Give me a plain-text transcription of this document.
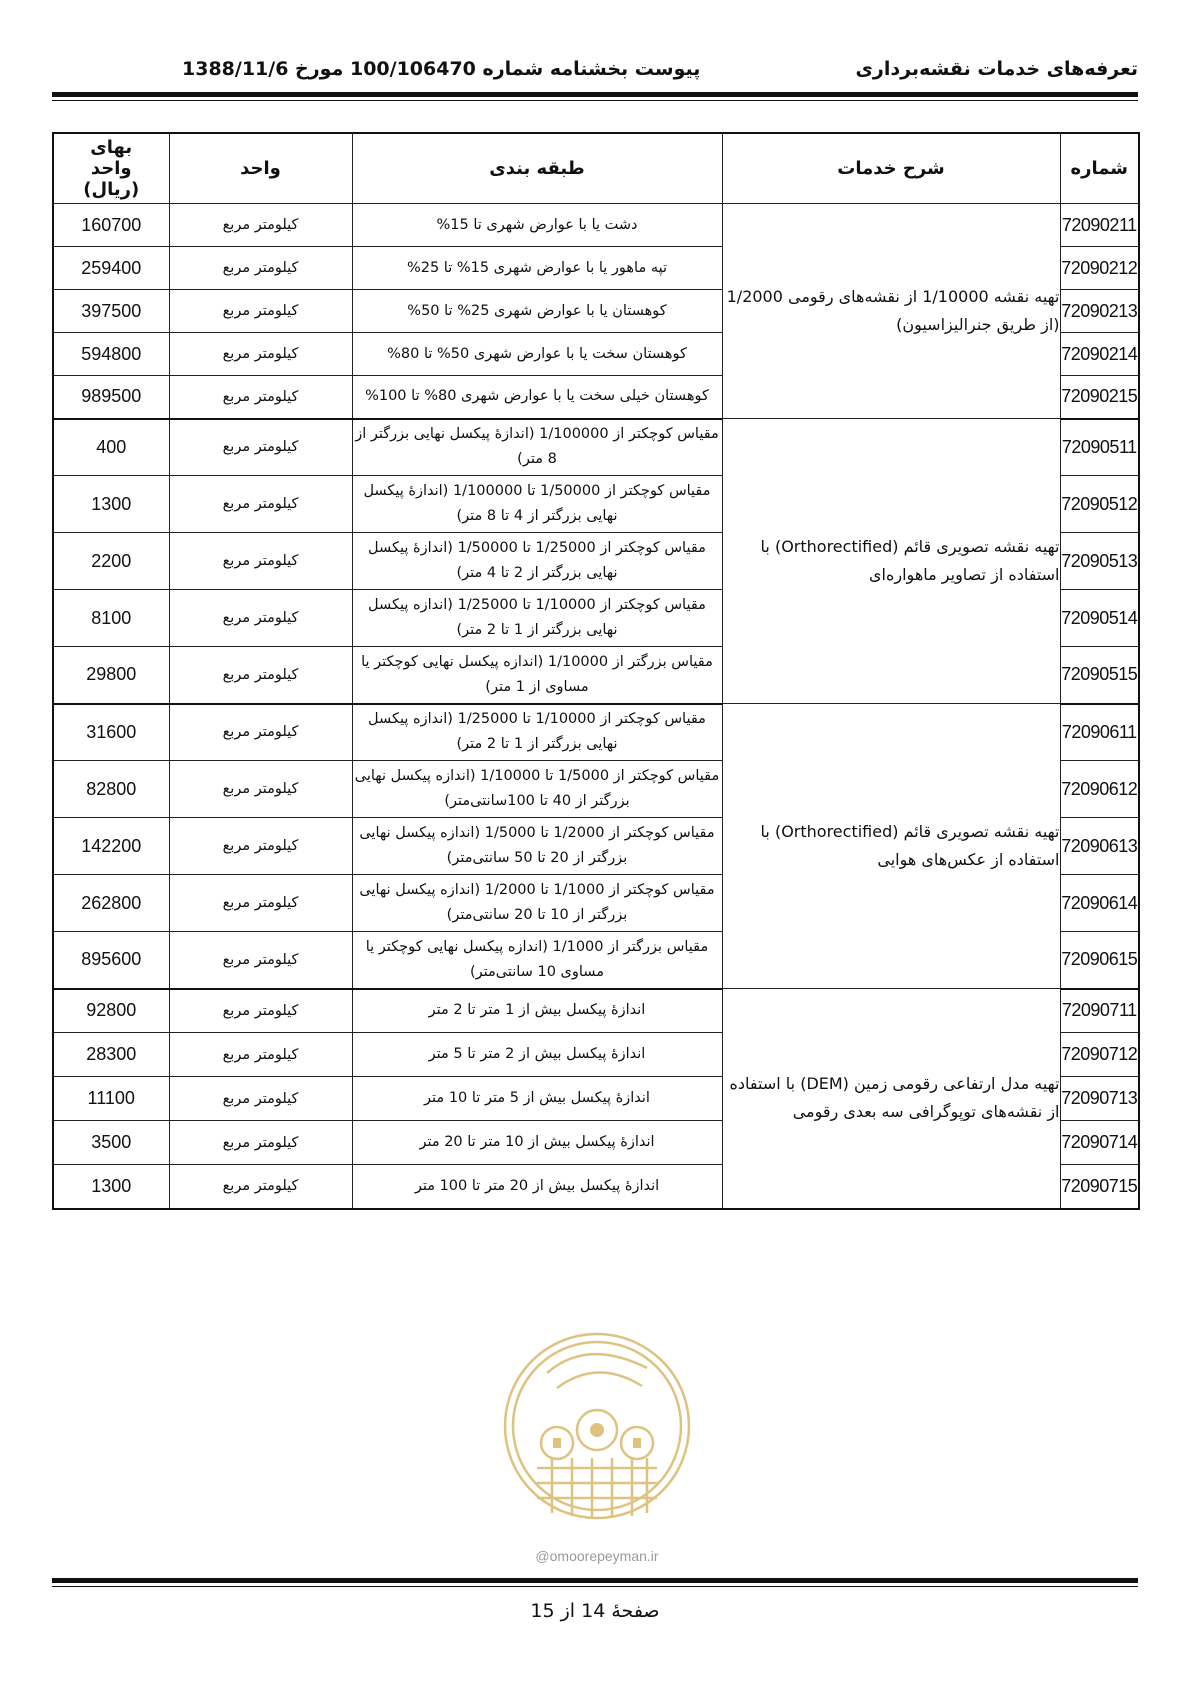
تعرفه‌های خدمات نقشه‌برداری
پیوست بخشنامه شماره 100/106470 مورخ 1388/11/6
شماره	شرح خدمات	طبقه بندی	واحد	بهای واحد (ریال)
72090211	تهیه نقشه 1/10000 از نقشه‌های رقومی 1/2000 (از طریق جنرالیزاسیون)	دشت یا با عوارض شهری تا 15%	کیلومتر مربع	160700
72090212		تپه ماهور یا با عوارض شهری 15% تا 25%	کیلومتر مربع	259400
72090213		کوهستان یا با عوارض شهری 25% تا 50%	کیلومتر مربع	397500
72090214		کوهستان سخت یا با عوارض شهری 50% تا 80%	کیلومتر مربع	594800
72090215		کوهستان خیلی سخت یا با عوارض شهری 80% تا 100%	کیلومتر مربع	989500
72090511	تهیه نقشه تصویری قائم (Orthorectified) با استفاده از تصاویر ماهواره‌ای	مقیاس کوچکتر از 1/100000 (اندازهٔ پیکسل نهایی بزرگتر از 8 متر)	کیلومتر مربع	400
72090512		مقیاس کوچکتر از 1/50000 تا 1/100000 (اندازهٔ پیکسل نهایی بزرگتر از 4 تا 8 متر)	کیلومتر مربع	1300
72090513		مقیاس کوچکتر از 1/25000 تا 1/50000 (اندازهٔ پیکسل نهایی بزرگتر از 2 تا 4 متر)	کیلومتر مربع	2200
72090514		مقیاس کوچکتر از 1/10000 تا 1/25000 (اندازه پیکسل نهایی بزرگتر از 1 تا 2 متر)	کیلومتر مربع	8100
72090515		مقیاس بزرگتر از 1/10000 (اندازه پیکسل نهایی کوچکتر یا مساوی از 1 متر)	کیلومتر مربع	29800
72090611	تهیه نقشه تصویری قائم (Orthorectified) با استفاده از عکس‌های هوایی	مقیاس کوچکتر از 1/10000 تا 1/25000 (اندازه پیکسل نهایی بزرگتر از 1 تا 2 متر)	کیلومتر مربع	31600
72090612		مقیاس کوچکتر از 1/5000 تا 1/10000 (اندازه پیکسل نهایی بزرگتر از 40 تا 100سانتی‌متر)	کیلومتر مربع	82800
72090613		مقیاس کوچکتر از 1/2000 تا 1/5000 (اندازه پیکسل نهایی بزرگتر از 20 تا 50 سانتی‌متر)	کیلومتر مربع	142200
72090614		مقیاس کوچکتر از 1/1000 تا 1/2000 (اندازه پیکسل نهایی بزرگتر از 10 تا 20 سانتی‌متر)	کیلومتر مربع	262800
72090615		مقیاس بزرگتر از 1/1000 (اندازه پیکسل نهایی کوچکتر یا مساوی 10 سانتی‌متر)	کیلومتر مربع	895600
72090711	تهیه مدل ارتفاعی رقومی زمین (DEM) با استفاده از نقشه‌های توپوگرافی سه بعدی رقومی	اندازهٔ پیکسل بیش از 1 متر تا 2 متر	کیلومتر مربع	92800
72090712		اندازهٔ پیکسل بیش از 2 متر تا 5 متر	کیلومتر مربع	28300
72090713		اندازهٔ پیکسل بیش از 5 متر تا 10 متر	کیلومتر مربع	11100
72090714		اندازهٔ پیکسل بیش از 10 متر تا 20 متر	کیلومتر مربع	3500
72090715		اندازهٔ پیکسل بیش از 20 متر تا 100 متر	کیلومتر مربع	1300
@omoorepeyman.ir
صفحهٔ 14 از 15
